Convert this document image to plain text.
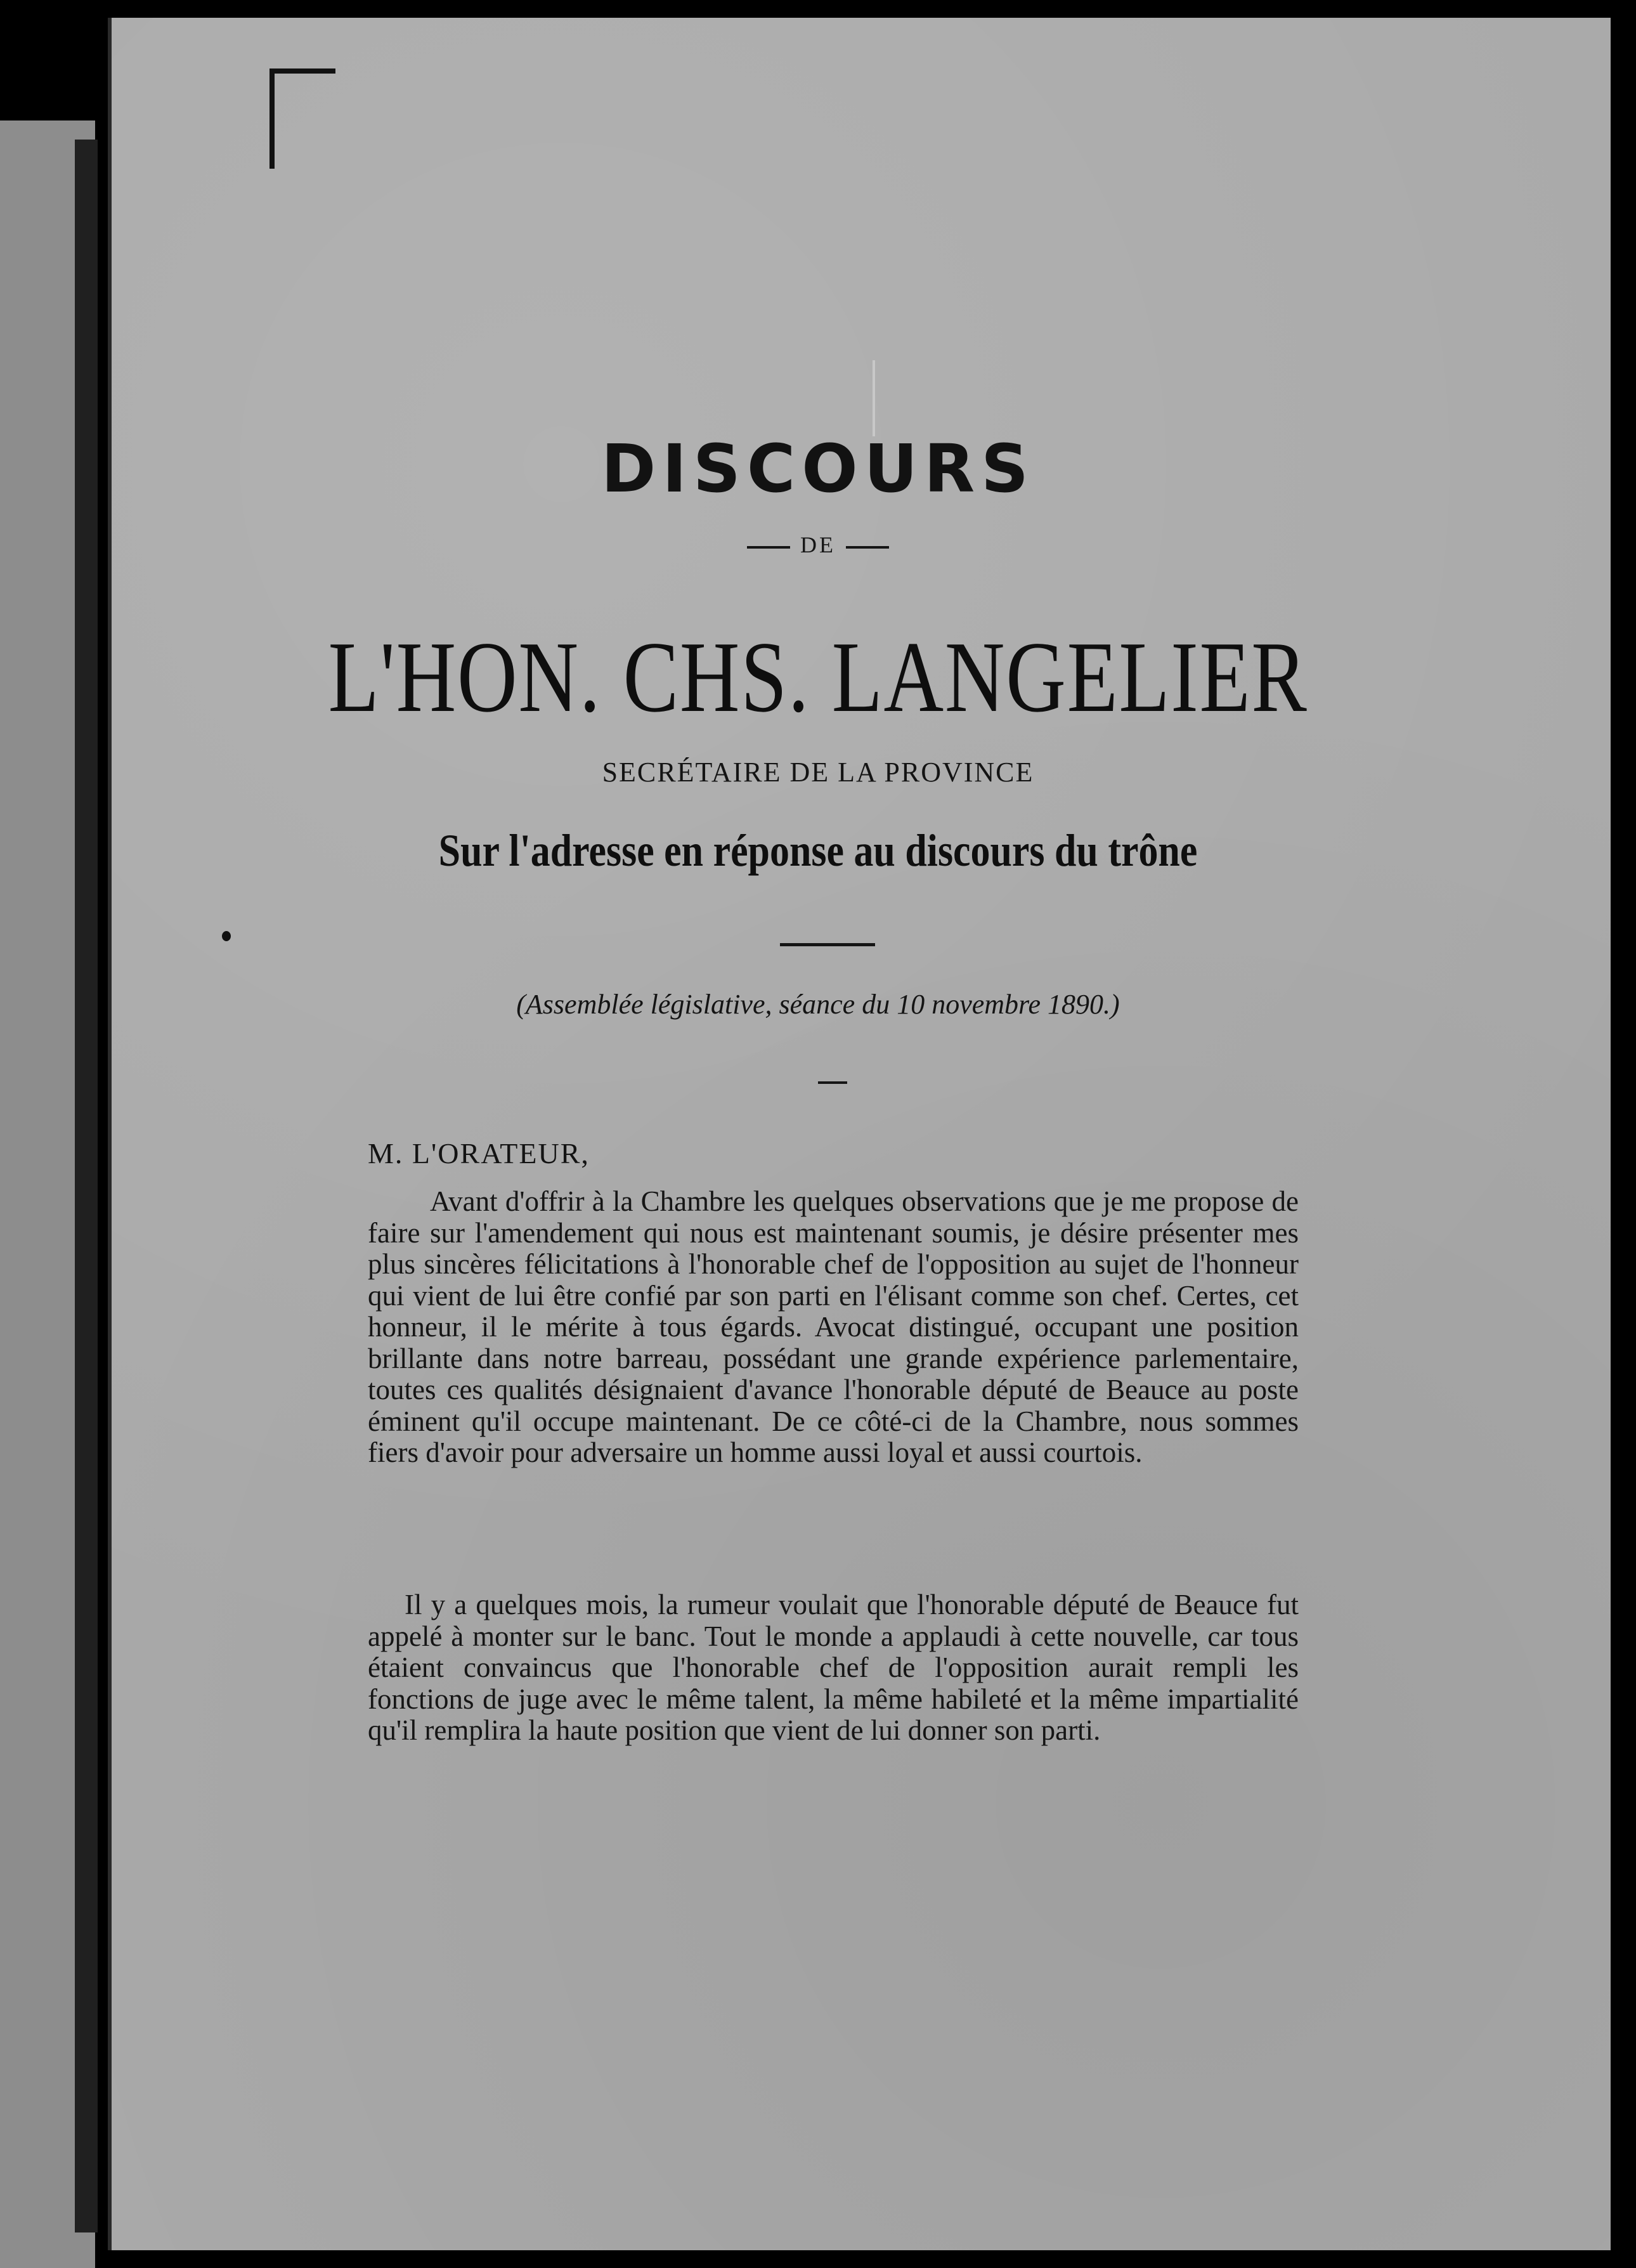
DISCOURS
DE
L'HON. CHS. LANGELIER
SECRÉTAIRE DE LA PROVINCE
Sur l'adresse en réponse au discours du trône
(Assemblée législative, séance du 10 novembre 1890.)
M. L'ORATEUR,

Avant d'offrir à la Chambre les quelques observations que je me propose de faire sur l'amendement qui nous est maintenant soumis, je désire présenter mes plus sincères félicitations à l'honorable chef de l'opposition au sujet de l'honneur qui vient de lui être confié par son parti en l'élisant comme son chef. Certes, cet honneur, il le mérite à tous égards. Avocat distingué, occupant une position brillante dans notre barreau, possédant une grande expérience parlementaire, toutes ces qualités désignaient d'avance l'honorable député de Beauce au poste éminent qu'il occupe maintenant. De ce côté-ci de la Chambre, nous sommes fiers d'avoir pour adversaire un homme aussi loyal et aussi courtois.

Il y a quelques mois, la rumeur voulait que l'honorable député de Beauce fut appelé à monter sur le banc. Tout le monde a applaudi à cette nouvelle, car tous étaient convaincus que l'honorable chef de l'opposition aurait rempli les fonctions de juge avec le même talent, la même habileté et la même impartialité qu'il remplira la haute position que vient de lui donner son parti.
